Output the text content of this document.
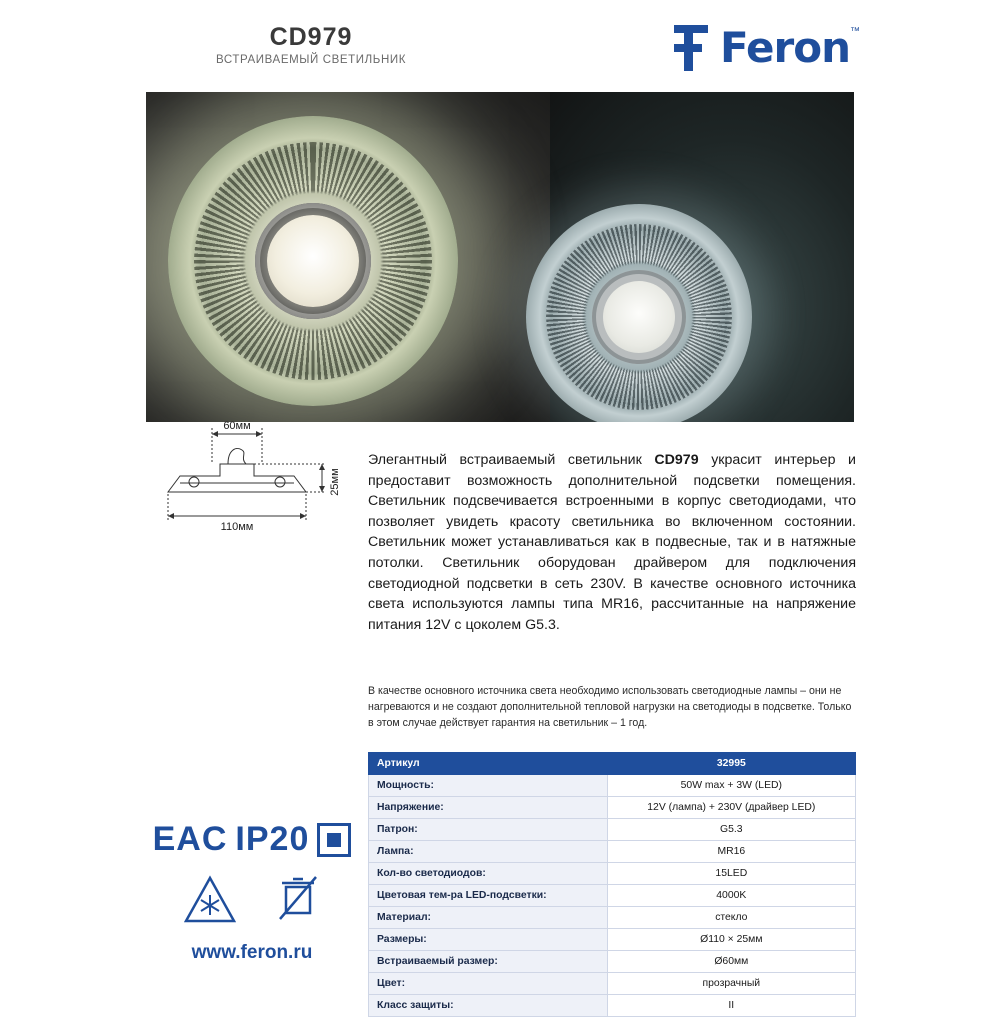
CD979
ВСТРАИВАЕМЫЙ СВЕТИЛЬНИК	Feron ™
60мм
110мм
25мм
Элегантный встраиваемый светильник CD979 украсит интерьер и предоставит возможность дополнительной подсветки помещения. Светильник подсвечивается встроенными в корпус светодиодами, что позволяет увидеть красоту светильника во включенном состоянии. Светильник может устанавливаться как в подвесные, так и в натяжные потолки. Светильник оборудован драйвером для подключения светодиодной подсветки в сеть 230V. В качестве основного источника света используются лампы типа MR16, рассчитанные на напряжение питания 12V с цоколем G5.3.
В качестве основного источника света необходимо использовать светодиодные лампы – они не нагреваются и не создают дополнительной тепловой нагрузки на светодиоды в подсветке. Только в этом случае действует гарантия на светильник – 1 год.
Артикул	32995
Мощность:	50W max + 3W (LED)
Напряжение:	12V (лампа) + 230V (драйвер LED)
Патрон:	G5.3
Лампа:	MR16
Кол-во светодиодов:	15LED
Цветовая тем-ра LED-подсветки:	4000K
Материал:	стекло
Размеры:	Ø110 × 25мм
Встраиваемый размер:	Ø60мм
Цвет:	прозрачный
Класс защиты:	II
ЕAC IP20
www.feron.ru
